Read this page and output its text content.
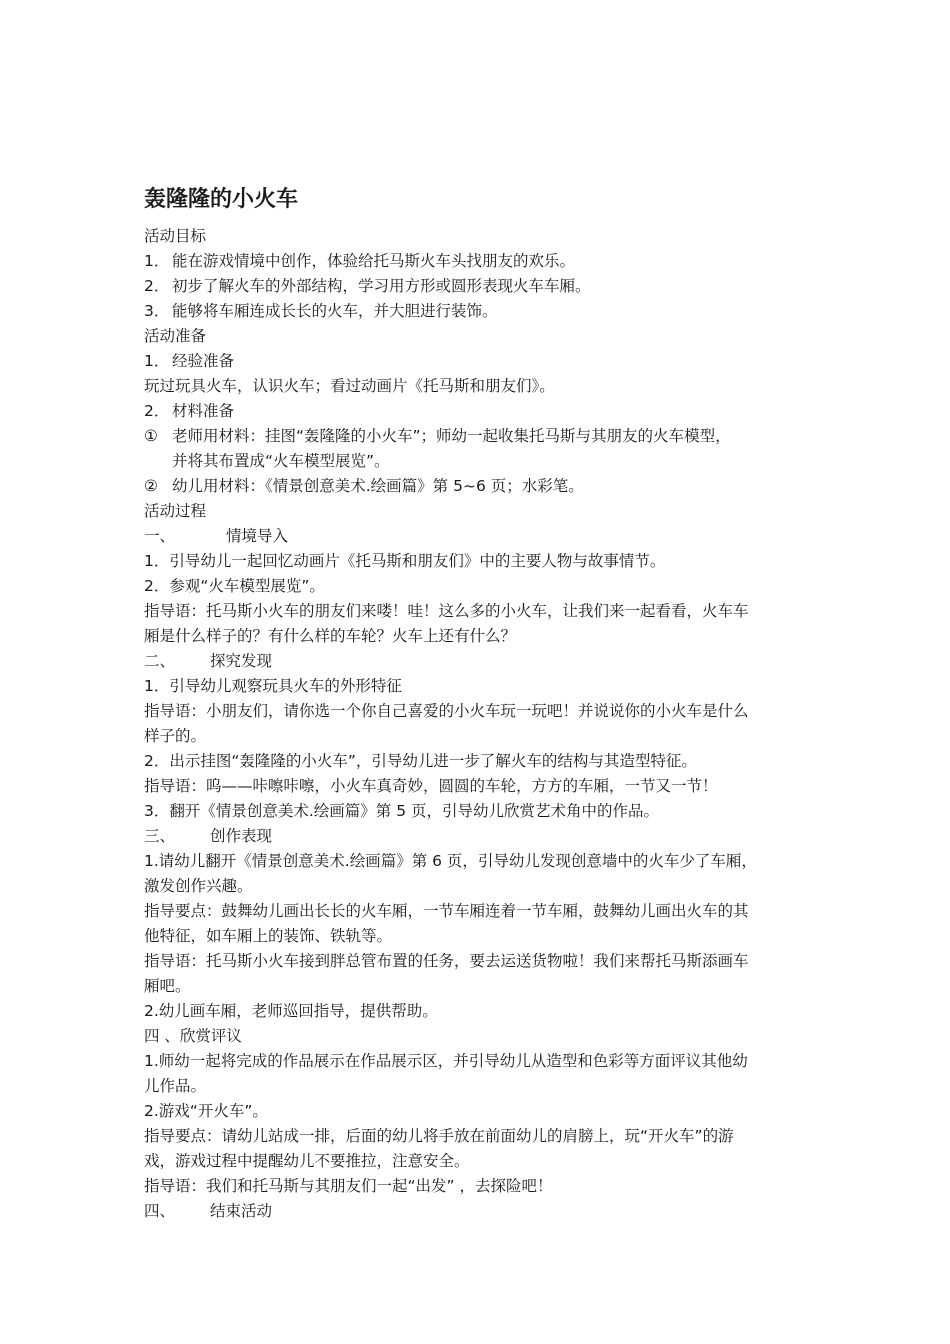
轰隆隆的小火车
活动目标
1． 能在游戏情境中创作，体验给托马斯火车头找朋友的欢乐。
2． 初步了解火车的外部结构，学习用方形或圆形表现火车车厢。
3． 能够将车厢连成长长的火车，并大胆进行装饰。
活动准备
1． 经验准备
玩过玩具火车，认识火车；看过动画片《托马斯和朋友们》。
2． 材料准备
① 老师用材料：挂图“轰隆隆的小火车”；师幼一起收集托马斯与其朋友的火车模型，
并将其布置成“火车模型展览”。
② 幼儿用材料：《情景创意美术.绘画篇》第 5~6 页；水彩笔。
活动过程
一、	情境导入
1．引导幼儿一起回忆动画片《托马斯和朋友们》中的主要人物与故事情节。
2．参观“火车模型展览”。
指导语：托马斯小火车的朋友们来喽！哇！这么多的小火车，让我们来一起看看，火车车
厢是什么样子的？有什么样的车轮？火车上还有什么？
二、 探究发现
1．引导幼儿观察玩具火车的外形特征
指导语：小朋友们，请你选一个你自己喜爱的小火车玩一玩吧！并说说你的小火车是什么
样子的。
2．出示挂图“轰隆隆的小火车”，引导幼儿进一步了解火车的结构与其造型特征。
指导语：呜——咔嚓咔嚓，小火车真奇妙，圆圆的车轮，方方的车厢，一节又一节！
3．翻开《情景创意美术.绘画篇》第 5 页，引导幼儿欣赏艺术角中的作品。
三、 创作表现
1.请幼儿翻开《情景创意美术.绘画篇》第 6 页，引导幼儿发现创意墙中的火车少了车厢，
激发创作兴趣。
指导要点：鼓舞幼儿画出长长的火车厢，一节车厢连着一节车厢，鼓舞幼儿画出火车的其
他特征，如车厢上的装饰、铁轨等。
指导语：托马斯小火车接到胖总管布置的任务，要去运送货物啦！我们来帮托马斯添画车
厢吧。
2.幼儿画车厢，老师巡回指导，提供帮助。
四 、欣赏评议
1.师幼一起将完成的作品展示在作品展示区，并引导幼儿从造型和色彩等方面评议其他幼
儿作品。
2.游戏“开火车”。
指导要点：请幼儿站成一排，后面的幼儿将手放在前面幼儿的肩膀上，玩“开火车”的游
戏，游戏过程中提醒幼儿不要推拉，注意安全。
指导语：我们和托马斯与其朋友们一起“出发” ，去探险吧！
四、 结束活动
